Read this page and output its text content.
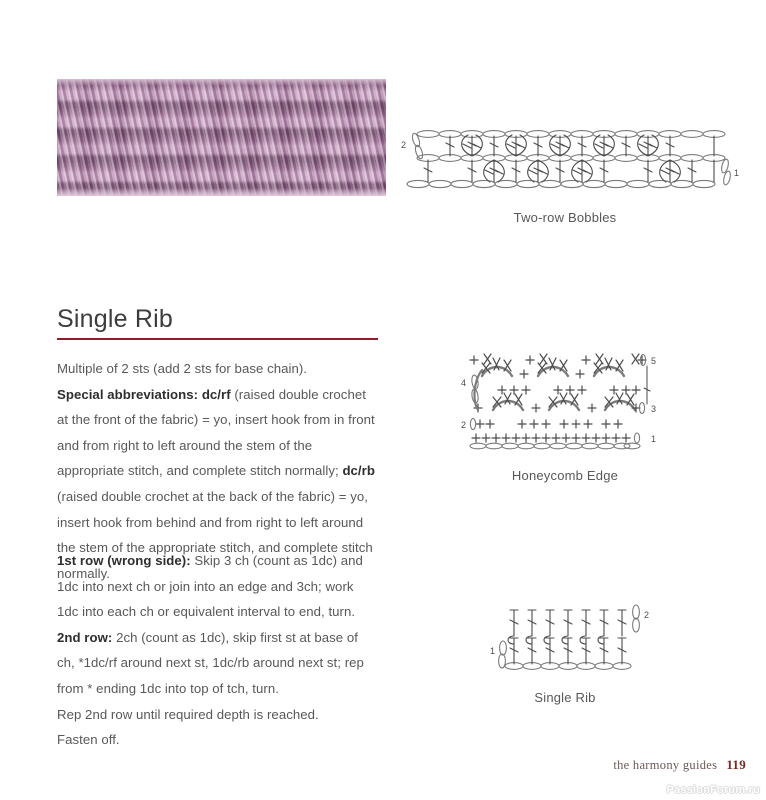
Single Rib

Multiple of 2 sts (add 2 sts for base chain).

Special abbreviations: dc/rf (raised double crochet at the front of the fabric) = yo, insert hook from in front and from right to left around the stem of the appropriate stitch, and complete stitch normally; dc/rb (raised double crochet at the back of the fabric) = yo, insert hook from behind and from right to left around the stem of the appropriate stitch, and complete stitch normally.

1st row (wrong side): Skip 3 ch (count as 1dc) and 1dc into next ch or join into an edge and 3ch; work 1dc into each ch or equivalent interval to end, turn.

2nd row: 2ch (count as 1dc), skip first st at base of ch, *1dc/rf around next st, 1dc/rb around next st; rep from * ending 1dc into top of tch, turn.

Rep 2nd row until required depth is reached.

Fasten off.

2
1
2
4
1
3
5
1
2
Two-row Bobbles
Honeycomb Edge
Single Rib
the harmony guides 119
PassionForum.ru
